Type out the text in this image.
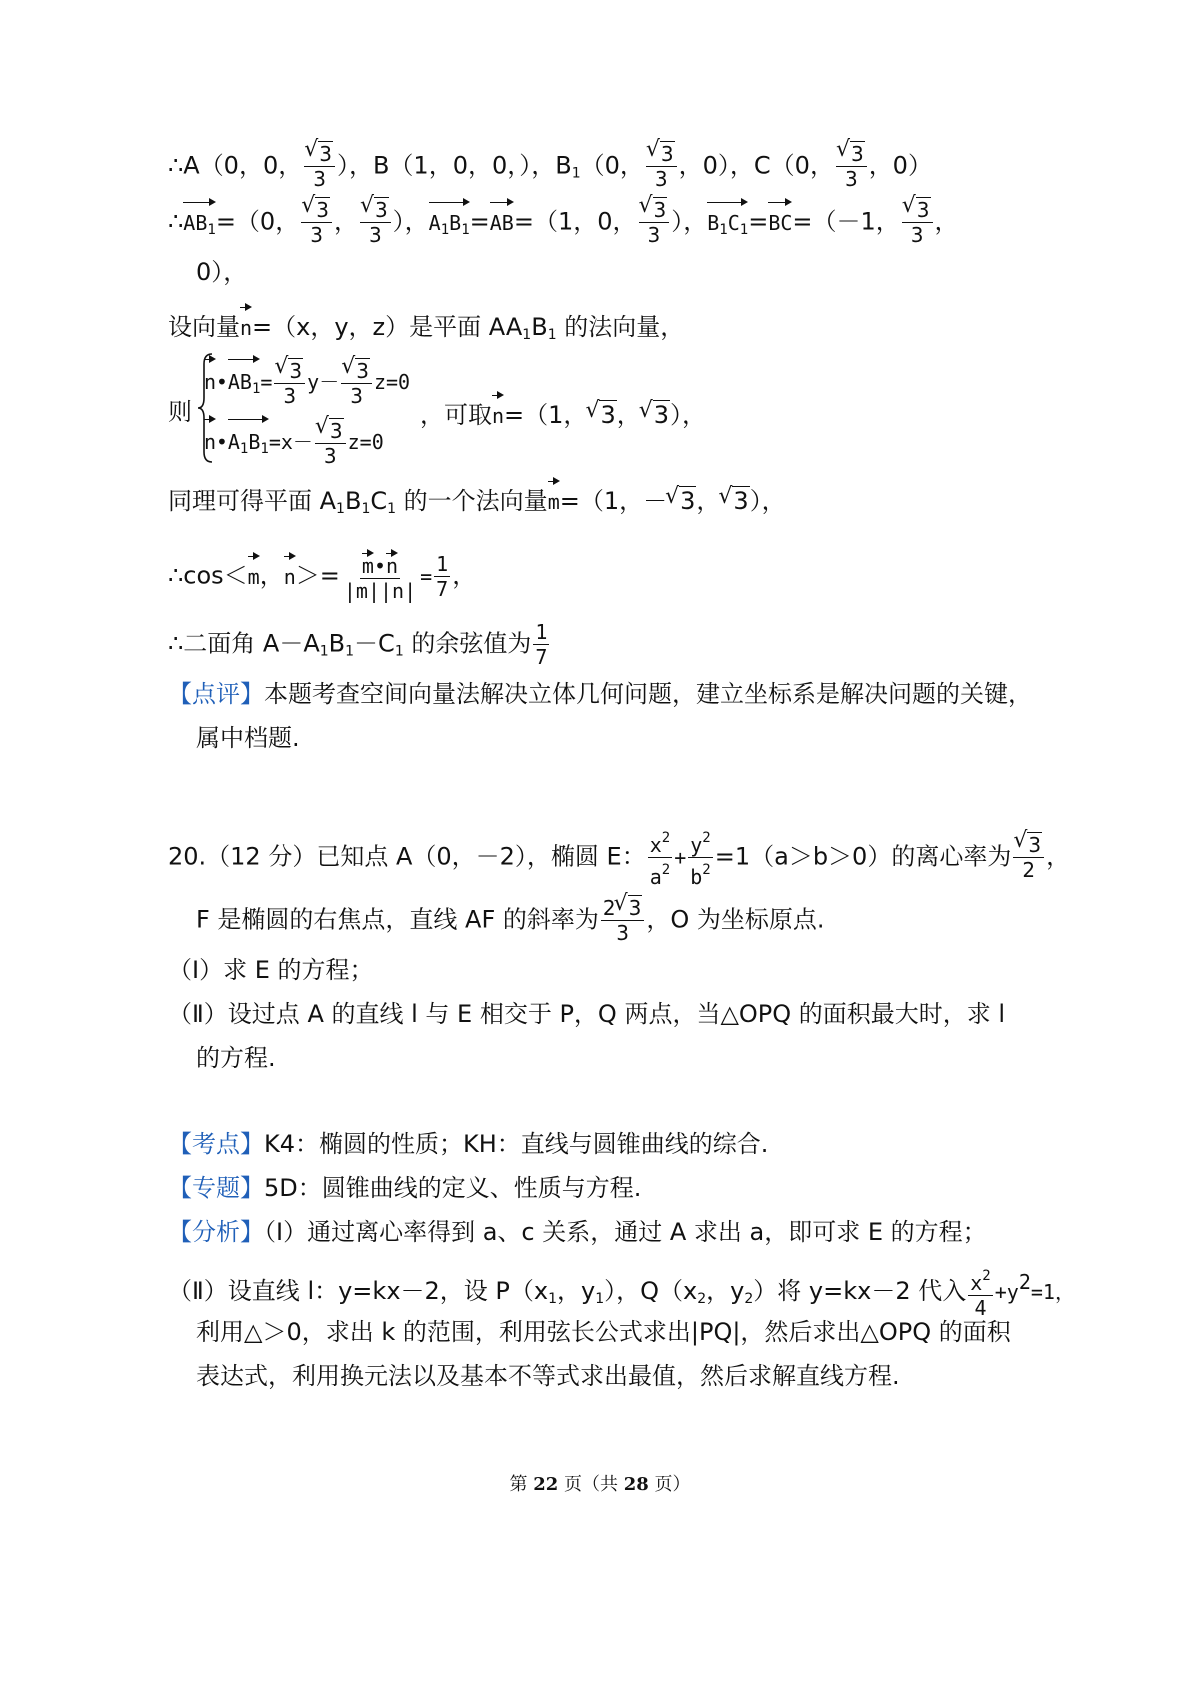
∴A（0，0， √ $\frac{3}{3}$ ），B（1，0，0，），$B_1(0$， √ $\frac{3}{3}$ ，0），C（0， √ $\frac{3}{3}$ ，0）
∴
$AB_1=(0$， √ $\frac{3}{3}$ ， √ $\frac{3}{3}$ ），
$A_1B_1=$
AB=（1，0， √ $\frac{3}{3}$ ），
$B_1C_1=$
BC=（－1， √ $\frac{3}{3}$ ，
0），
设向量
n=（x，y，z）是平面 $AA_1B_1$ 的法向量，
则
n•
$AB_1=$ √ $\frac{3}{3} y-$ √ $\frac{3}{3} z=0$
n•
$A_1B_1=x-$ √ $\frac{3}{3} z=0$
，可取
n=（1， √ 3， √ 3），
同理可得平面 $A_1B_1C_1$ 的一个法向量
m=（1，－ √ 3， √ 3），
∴cos＜
m，
n＞= m•
n
$|m||n| = \frac{1}{7}$ ，
∴二面角 $A-A_1B_1-C_1$ 的余弦值为 $\frac{1}{7}$
【点评】本题考查空间向量法解决立体几何问题，建立坐标系是解决问题的关键，
属中档题.
20.（12 分）已知点 A（0，－2），椭圆 E： $\frac{x^2}{a^2} + \frac{y^2}{b^2} =1(a>b>0)$的离心率为 √ $\frac{3}{2}$ ，
F 是椭圆的右焦点，直线 AF 的斜率为 $\frac{2 √ 3}{3}$ ，O 为坐标原点.
（Ⅰ）求 E 的方程；
（Ⅱ）设过点 A 的直线 l 与 E 相交于 P，Q 两点，当△OPQ 的面积最大时，求 l
的方程.
【考点】K4：椭圆的性质；KH：直线与圆锥曲线的综合.
【专题】5D：圆锥曲线的定义、性质与方程.
【分析】（Ⅰ）通过离心率得到 a、c 关系，通过 A 求出 a，即可求 E 的方程；
（Ⅱ）设直线 l：y=kx－2，设 $P(x_1$，$y_1$），$Q(x_2$，$y_2$）将 y=kx－2 代入 $\frac{x^2}{4} +y^2=1$，
利用△＞0，求出 k 的范围，利用弦长公式求出|PQ|，然后求出△OPQ 的面积
表达式，利用换元法以及基本不等式求出最值，然后求解直线方程.
第 22 页（共 28 页）
